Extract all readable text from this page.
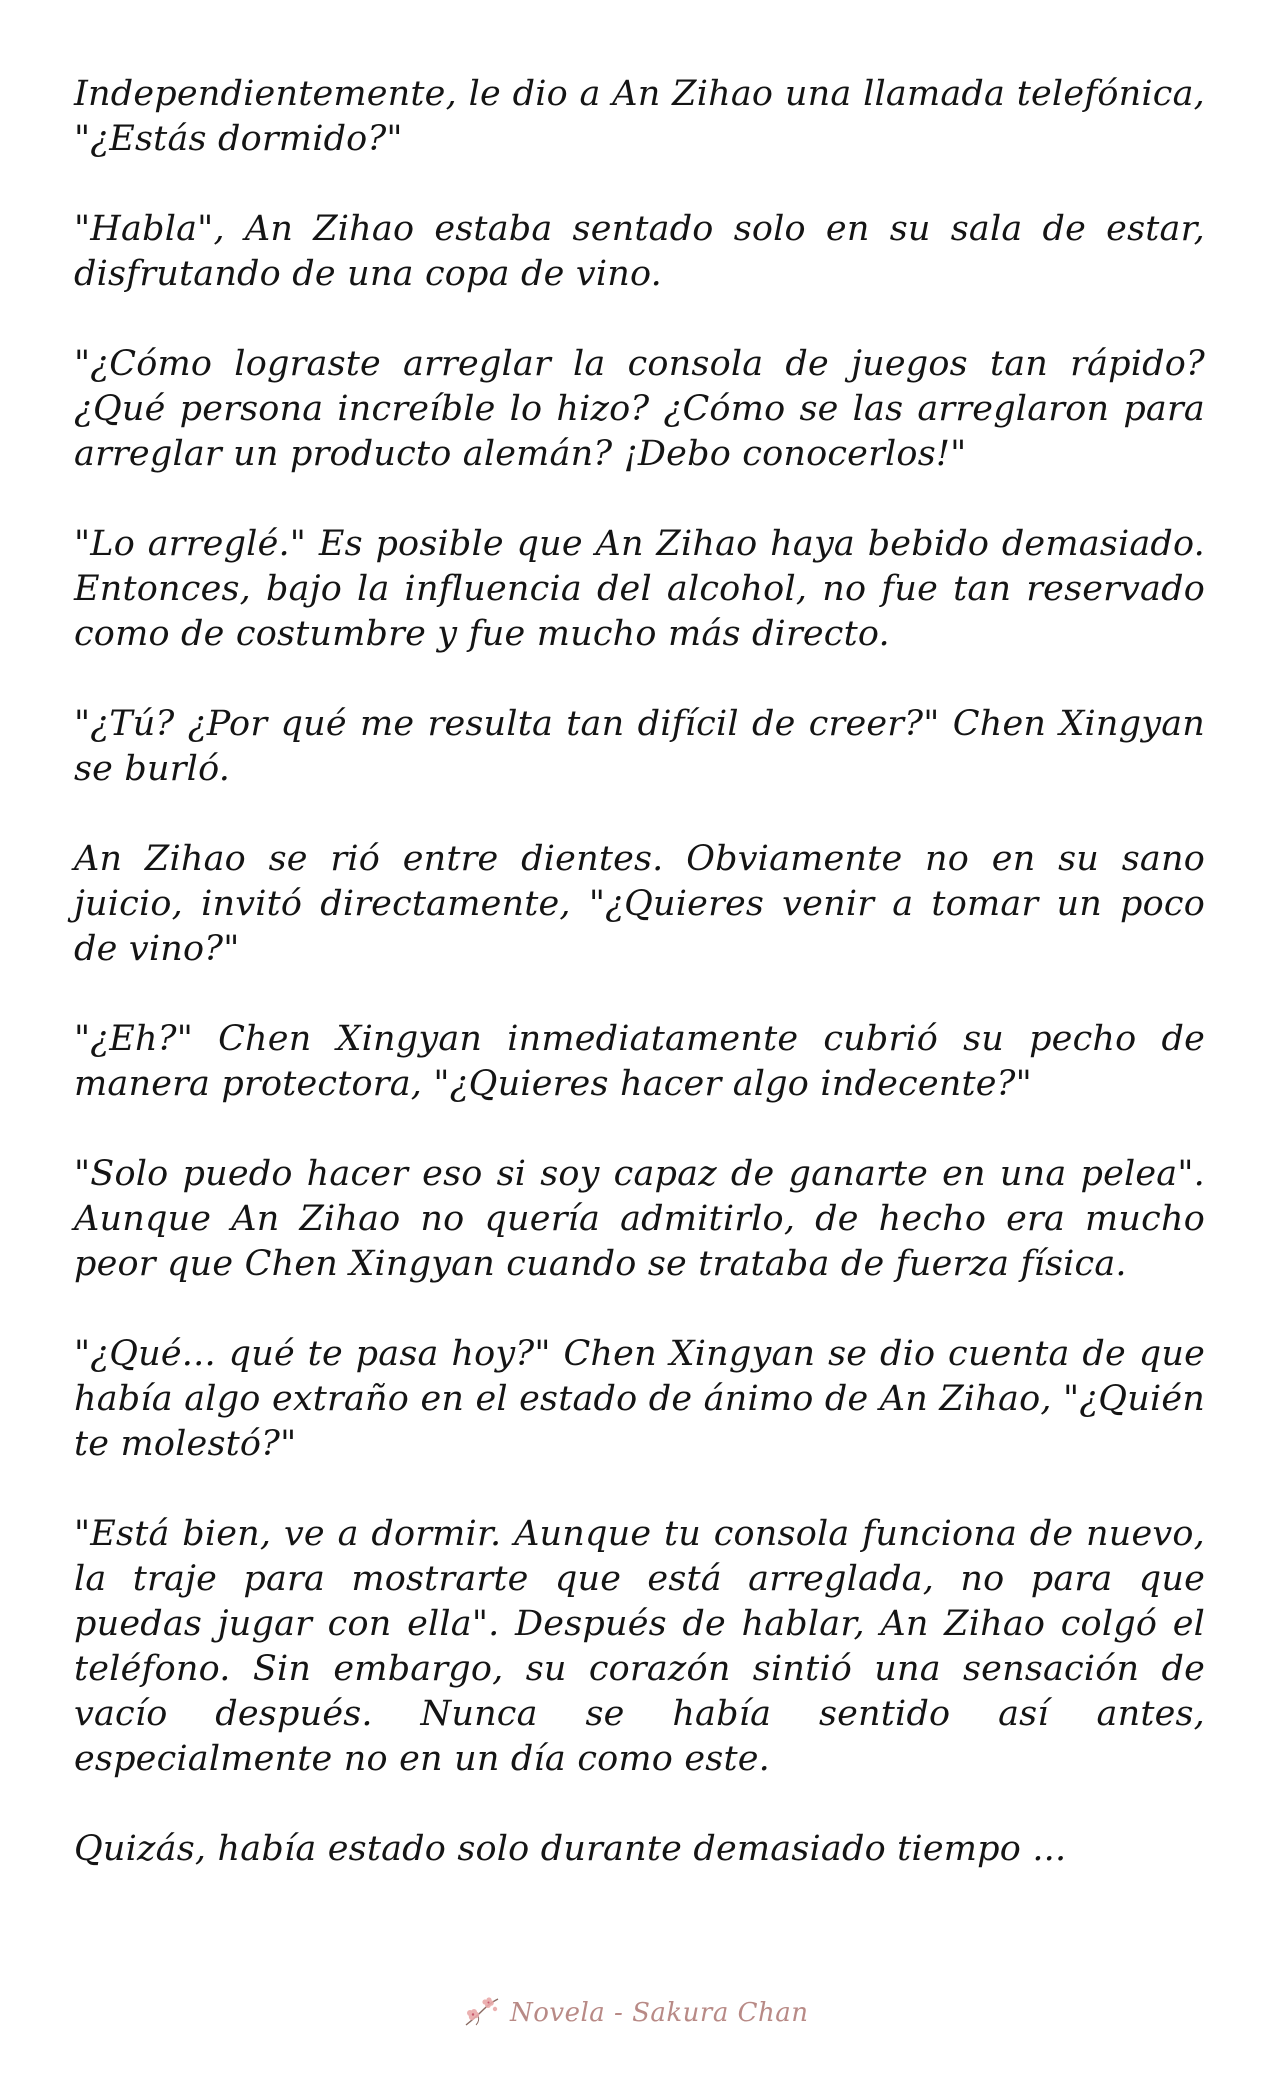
Independientemente, le dio a An Zihao una llamada telefónica, "¿Estás dormido?"

"Habla", An Zihao estaba sentado solo en su sala de estar, disfrutando de una copa de vino.

"¿Cómo lograste arreglar la consola de juegos tan rápido? ¿Qué persona increíble lo hizo? ¿Cómo se las arreglaron para arreglar un producto alemán? ¡Debo conocerlos!"

"Lo arreglé." Es posible que An Zihao haya bebido demasiado. Entonces, bajo la influencia del alcohol, no fue tan reservado como de costumbre y fue mucho más directo.

"¿Tú? ¿Por qué me resulta tan difícil de creer?" Chen Xingyan se burló.

An Zihao se rió entre dientes. Obviamente no en su sano juicio, invitó directamente, "¿Quieres venir a tomar un poco de vino?"

"¿Eh?" Chen Xingyan inmediatamente cubrió su pecho de manera protectora, "¿Quieres hacer algo indecente?"

"Solo puedo hacer eso si soy capaz de ganarte en una pelea". Aunque An Zihao no quería admitirlo, de hecho era mucho peor que Chen Xingyan cuando se trataba de fuerza física.

"¿Qué... qué te pasa hoy?" Chen Xingyan se dio cuenta de que había algo extraño en el estado de ánimo de An Zihao, "¿Quién te molestó?"

"Está bien, ve a dormir. Aunque tu consola funciona de nuevo, la traje para mostrarte que está arreglada, no para que puedas jugar con ella". Después de hablar, An Zihao colgó el teléfono. Sin embargo, su corazón sintió una sensación de vacío después. Nunca se había sentido así antes, especialmente no en un día como este.

Quizás, había estado solo durante demasiado tiempo ...

Novela - Sakura Chan
